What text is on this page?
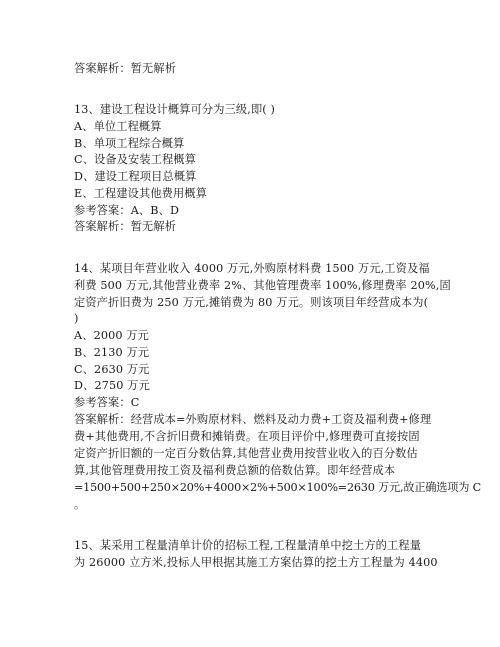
答案解析：暂无解析
13、建设工程设计概算可分为三级,即( )
A、单位工程概算
B、单项工程综合概算
C、设备及安装工程概算
D、建设工程项目总概算
E、工程建设其他费用概算
参考答案：A、B、D
答案解析：暂无解析
14、某项目年营业收入 4000 万元,外购原材料费 1500 万元,工资及福
利费 500 万元,其他营业费率 2%、其他管理费率 100%,修理费率 20%,固
定资产折旧费为 250 万元,摊销费为 80 万元。则该项目年经营成本为(
)
A、2000 万元
B、2130 万元
C、2630 万元
D、2750 万元
参考答案：C
答案解析：经营成本=外购原材料、燃料及动力费+工资及福利费+修理
费+其他费用,不含折旧费和摊销费。在项目评价中,修理费可直接按固
定资产折旧额的一定百分数估算,其他营业费用按营业收入的百分数估
算,其他管理费用按工资及福利费总额的倍数估算。即年经营成本
=1500+500+250×20%+4000×2%+500×100%=2630 万元,故正确选项为 C
。
15、某采用工程量清单计价的招标工程,工程量清单中挖土方的工程量
为 26000 立方米,投标人甲根据其施工方案估算的挖土方工程量为 4400
